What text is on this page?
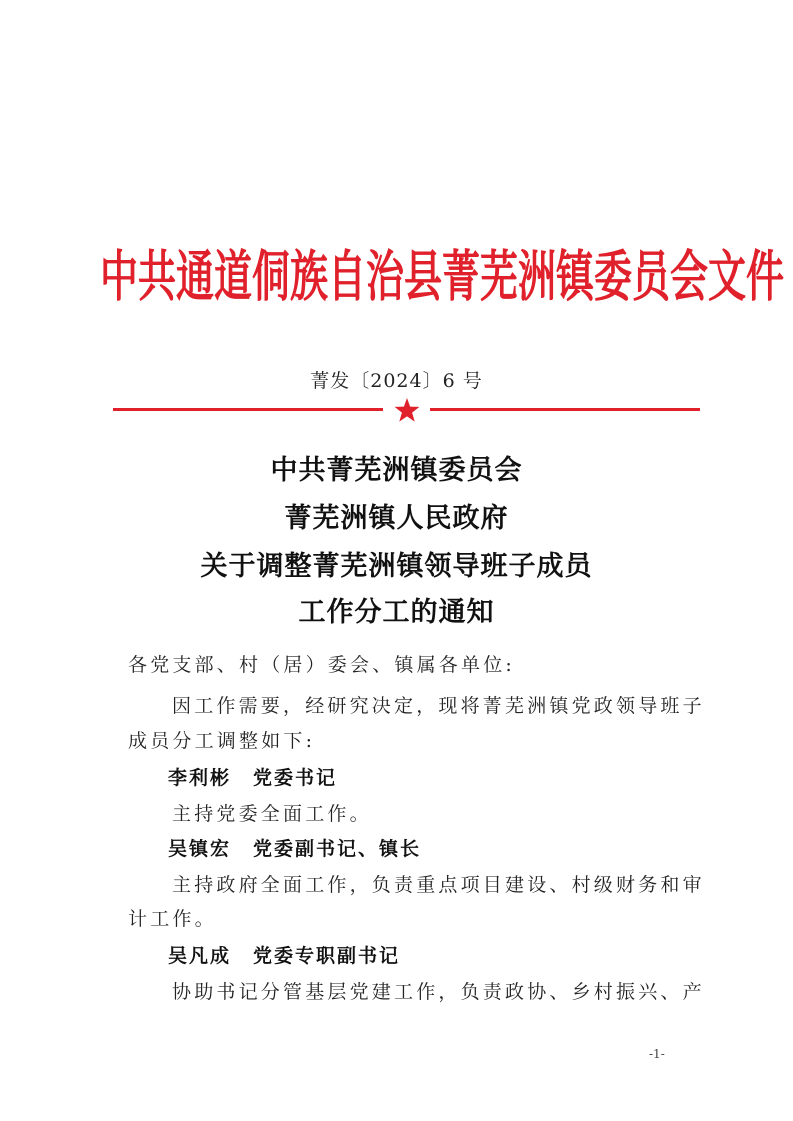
中共通道侗族自治县菁芜洲镇委员会文件
菁发〔2024〕6 号
中共菁芜洲镇委员会
菁芜洲镇人民政府
关于调整菁芜洲镇领导班子成员
工作分工的通知
各党支部、村（居）委会、镇属各单位:
因工作需要，经研究决定，现将菁芜洲镇党政领导班子
成员分工调整如下:
李利彬 党委书记
主持党委全面工作。
吴镇宏 党委副书记、镇长
主持政府全面工作，负责重点项目建设、村级财务和审
计工作。
吴凡成 党委专职副书记
协助书记分管基层党建工作，负责政协、乡村振兴、产
-1-
